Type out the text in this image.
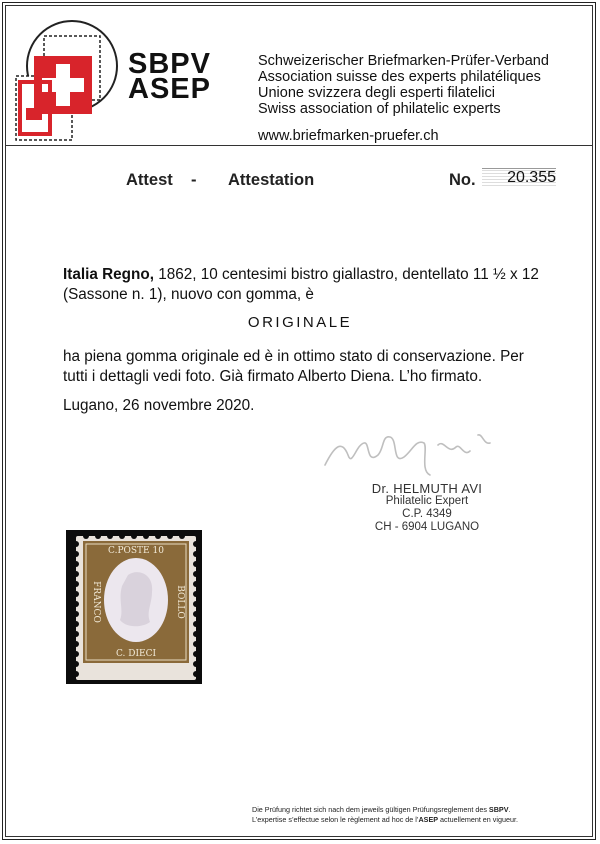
SBPV
ASEP
Schweizerischer Briefmarken-Prüfer-Verband
Association suisse des experts philatéliques
Unione svizzera degli esperti filatelici
Swiss association of philatelic experts
www.briefmarken-pruefer.ch
Attest - Attestation	No.	20.355
Italia Regno, 1862, 10 centesimi bistro giallastro, dentellato 11 ½ x 12
(Sassone n. 1), nuovo con gomma, è
ORIGINALE
ha piena gomma originale ed è in ottimo stato di conservazione. Per
tutti i dettagli vedi foto. Già firmato Alberto Diena. L’ho firmato.
Lugano, 26 novembre 2020.
Dr. HELMUTH AVI
Philatelic Expert
C.P. 4349
CH - 6904 LUGANO
C.POSTE 10
C. DIECI
FRANCO	BOLLO
Die Prüfung richtet sich nach dem jeweils gültigen Prüfungsreglement des SBPV.
L’expertise s’effectue selon le règlement ad hoc de l’ASEP actuellement en vigueur.
